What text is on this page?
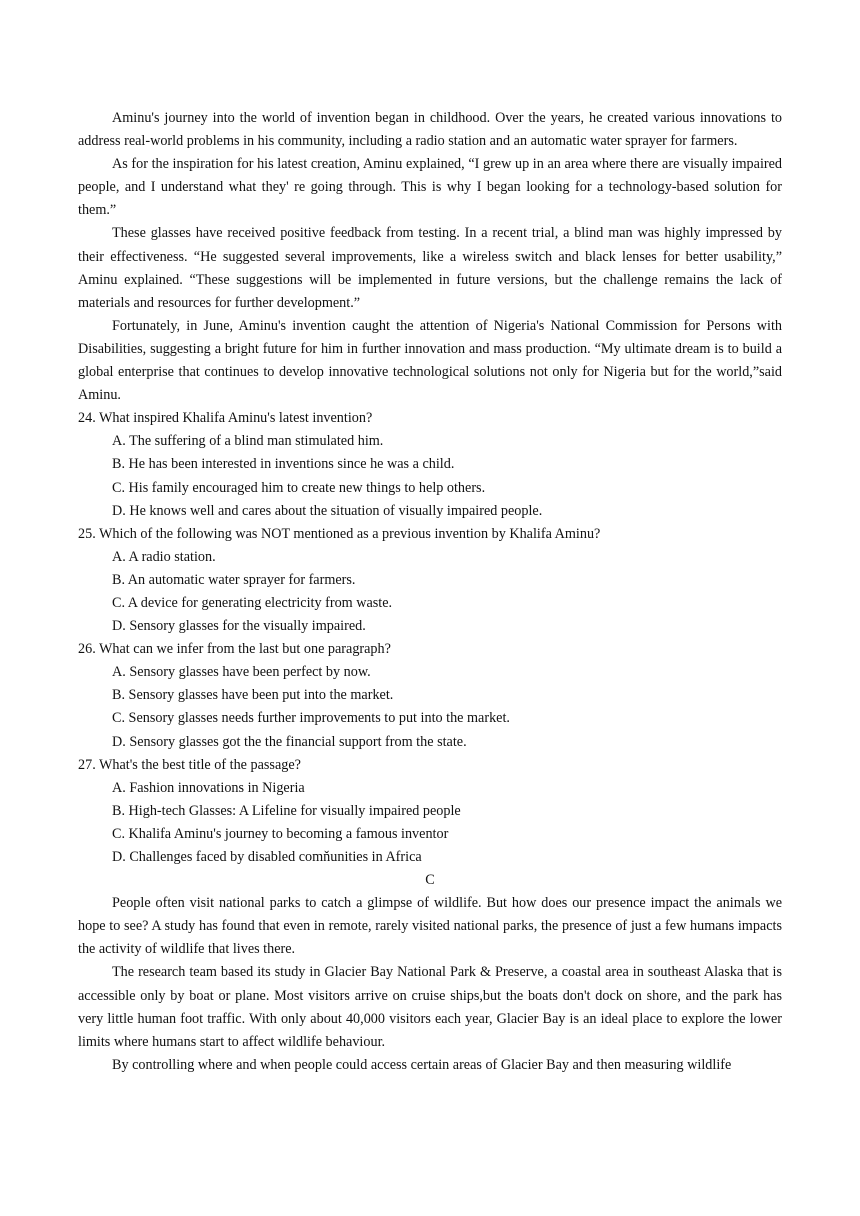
Aminu's journey into the world of invention began in childhood. Over the years, he created various innovations to address real-world problems in his community, including a radio station and an automatic water sprayer for farmers.

As for the inspiration for his latest creation, Aminu explained, “I grew up in an area where there are visually impaired people, and I understand what they' re going through. This is why I began looking for a technology-based solution for them.”

These glasses have received positive feedback from testing. In a recent trial, a blind man was highly impressed by their effectiveness. “He suggested several improvements, like a wireless switch and black lenses for better usability,” Aminu explained. “These suggestions will be implemented in future versions, but the challenge remains the lack of materials and resources for further development.”

Fortunately, in June, Aminu's invention caught the attention of Nigeria's National Commission for Persons with Disabilities, suggesting a bright future for him in further innovation and mass production. “My ultimate dream is to build a global enterprise that continues to develop innovative technological solutions not only for Nigeria but for the world,”said Aminu.

24. What inspired Khalifa Aminu's latest invention?

A. The suffering of a blind man stimulated him.

B. He has been interested in inventions since he was a child.

C. His family encouraged him to create new things to help others.

D. He knows well and cares about the situation of visually impaired people.

25. Which of the following was NOT mentioned as a previous invention by Khalifa Aminu?

A. A radio station.

B. An automatic water sprayer for farmers.

C. A device for generating electricity from waste.

D. Sensory glasses for the visually impaired.

26. What can we infer from the last but one paragraph?

A. Sensory glasses have been perfect by now.

B. Sensory glasses have been put into the market.

C. Sensory glasses needs further improvements to put into the market.

D. Sensory glasses got the the financial support from the state.

27. What's the best title of the passage?

A. Fashion innovations in Nigeria

B. High-tech Glasses: A Lifeline for visually impaired people

C. Khalifa Aminu's journey to becoming a famous inventor

D. Challenges faced by disabled comňunities in Africa

C

People often visit national parks to catch a glimpse of wildlife. But how does our presence impact the animals we hope to see? A study has found that even in remote, rarely visited national parks, the presence of just a few humans impacts the activity of wildlife that lives there.

The research team based its study in Glacier Bay National Park & Preserve, a coastal area in southeast Alaska that is accessible only by boat or plane. Most visitors arrive on cruise ships,but the boats don't dock on shore, and the park has very little human foot traffic. With only about 40,000 visitors each year, Glacier Bay is an ideal place to explore the lower limits where humans start to affect wildlife behaviour.

By controlling where and when people could access certain areas of Glacier Bay and then measuring wildlife
